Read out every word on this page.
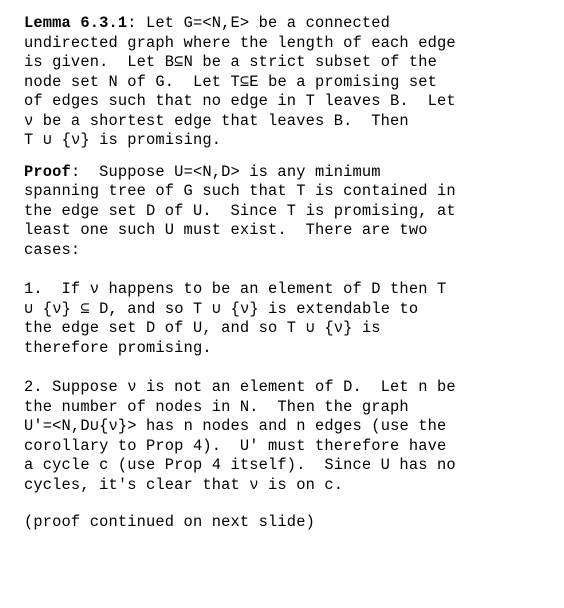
Lemma 6.3.1: Let G=<N,E> be a connected
undirected graph where the length of each edge
is given.  Let B⊆N be a strict subset of the
node set N of G.  Let T⊆E be a promising set
of edges such that no edge in T leaves B.  Let
ν be a shortest edge that leaves B.  Then
T ∪ {ν} is promising.
Proof:  Suppose U=<N,D> is any minimum
spanning tree of G such that T is contained in
the edge set D of U.  Since T is promising, at
least one such U must exist.  There are two
cases:
1.  If ν happens to be an element of D then T
∪ {ν} ⊆ D, and so T ∪ {ν} is extendable to
the edge set D of U, and so T ∪ {ν} is
therefore promising.
2. Suppose ν is not an element of D.  Let n be
the number of nodes in N.  Then the graph
U'=<N,D∪{ν}> has n nodes and n edges (use the
corollary to Prop 4).  U' must therefore have
a cycle c (use Prop 4 itself).  Since U has no
cycles, it's clear that ν is on c.
(proof continued on next slide)
